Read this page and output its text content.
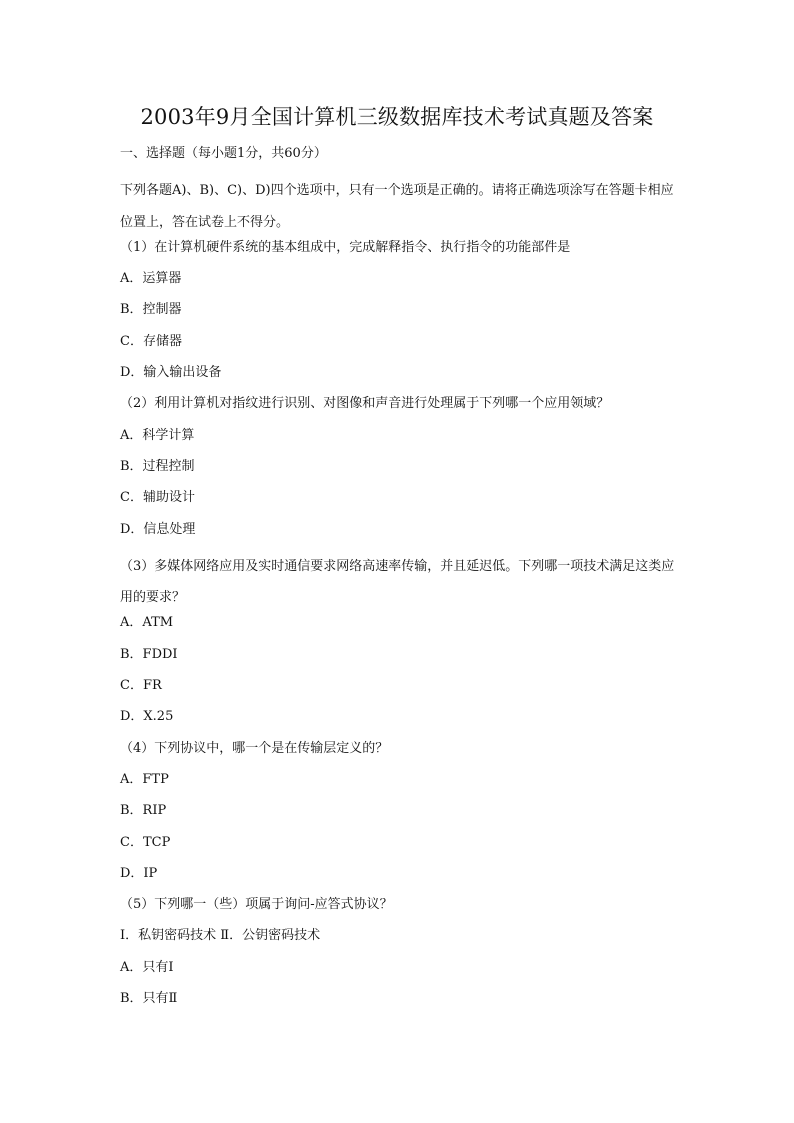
2003年9月全国计算机三级数据库技术考试真题及答案
一、选择题（每小题1分，共60分）
下列各题A)、B)、C)、D)四个选项中，只有一个选项是正确的。请将正确选项涂写在答题卡相应位置上，答在试卷上不得分。
（1）在计算机硬件系统的基本组成中，完成解释指令、执行指令的功能部件是
A．运算器
B．控制器
C．存储器
D．输入输出设备
（2）利用计算机对指纹进行识别、对图像和声音进行处理属于下列哪一个应用领域？
A．科学计算
B．过程控制
C．辅助设计
D．信息处理
（3）多媒体网络应用及实时通信要求网络高速率传输，并且延迟低。下列哪一项技术满足这类应用的要求？
A．ATM
B．FDDI
C．FR
D．X.25
（4）下列协议中，哪一个是在传输层定义的？
A．FTP
B．RIP
C．TCP
D．IP
（5）下列哪一（些）项属于询问-应答式协议？
Ⅰ．私钥密码技术 Ⅱ．公钥密码技术
A．只有Ⅰ
B．只有Ⅱ
